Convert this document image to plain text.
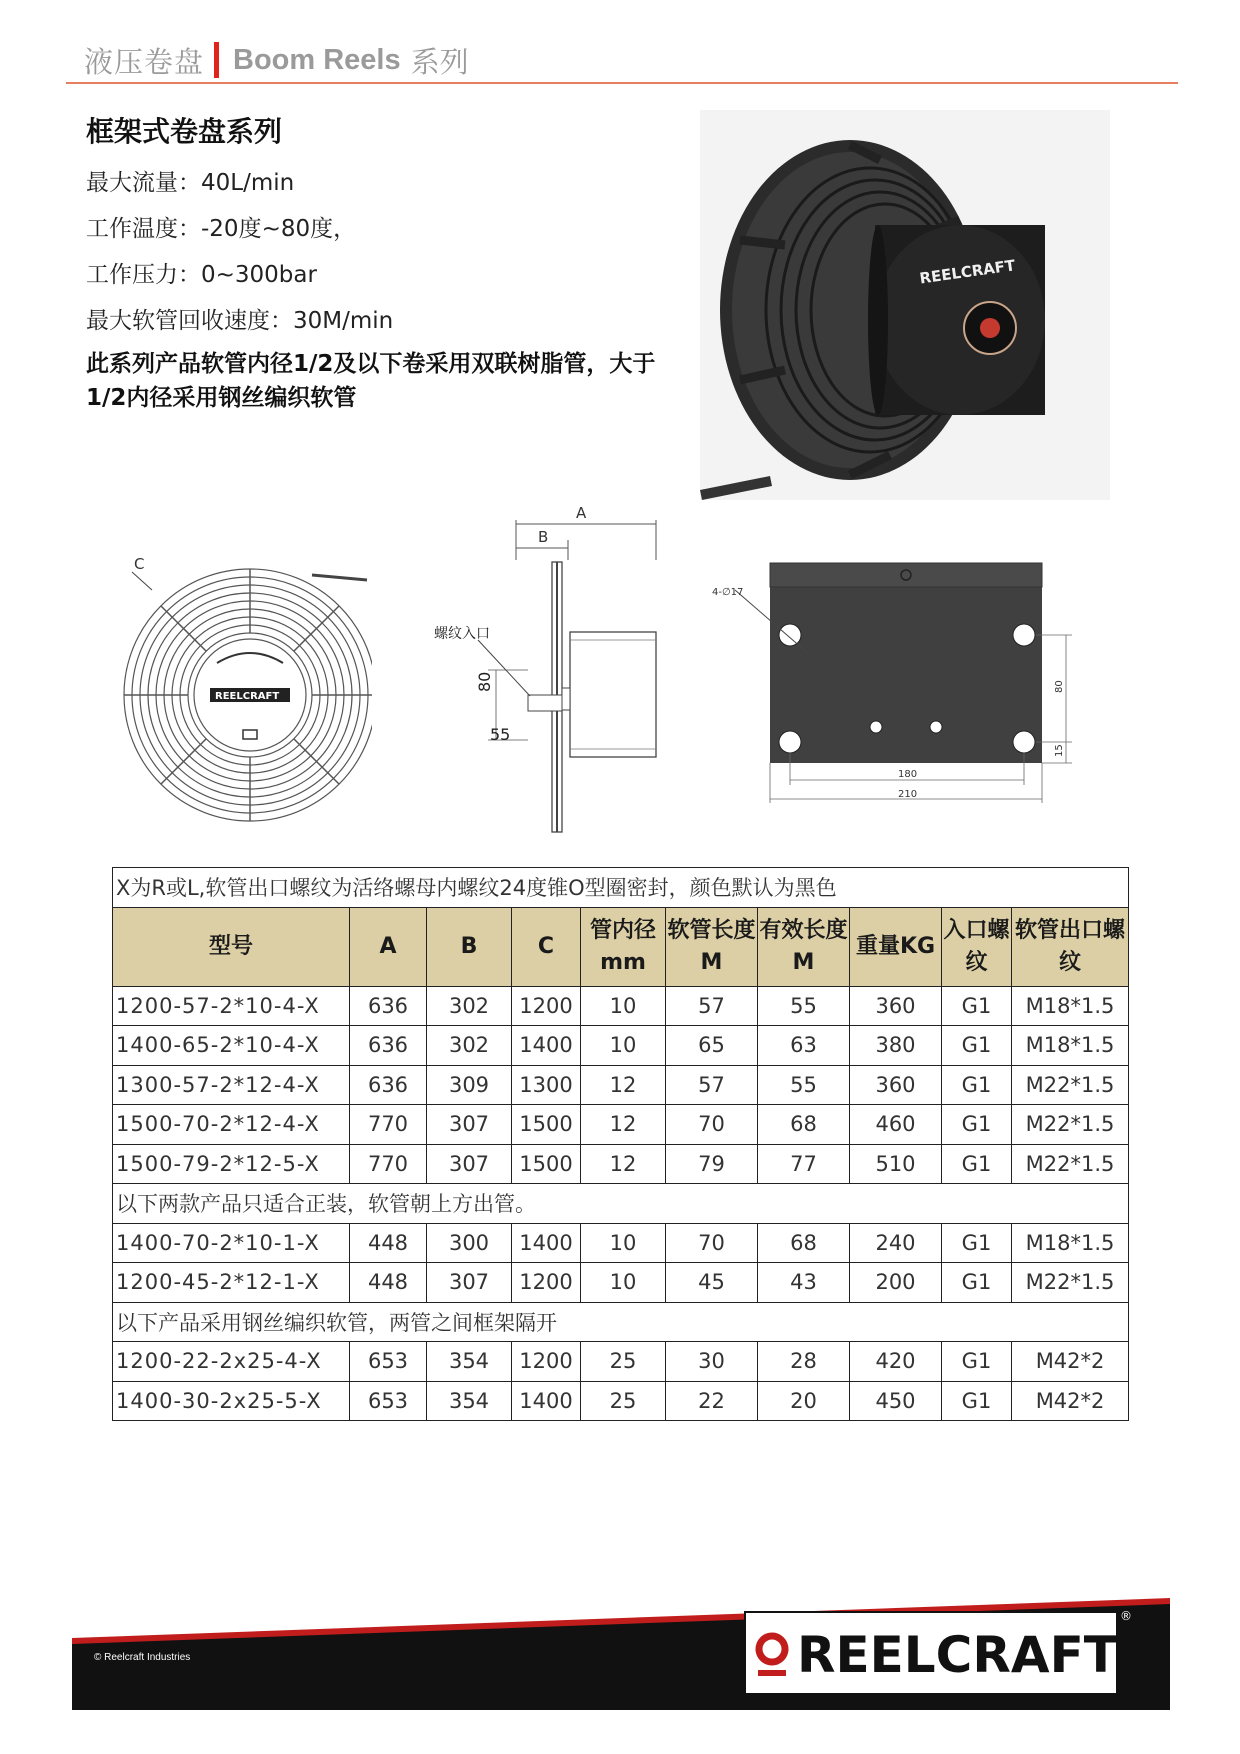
液压卷盘 Boom Reels 系列
框架式卷盘系列
最大流量：40L/min
工作温度：-20度~80度，
工作压力：0~300bar
最大软管回收速度：30M/min
此系列产品软管内径1/2及以下卷采用双联树脂管，大于1/2内径采用钢丝编织软管
REELCRAFT
REELCRAFT
C
A
B
螺纹入口
80
55
4-∅17
180
210
80
15
X为R或L,软管出口螺纹为活络螺母内螺纹24度锥O型圈密封，颜色默认为黑色									
型号	A	B	C	管内径mm	软管长度M	有效长度M	重量KG	入口螺纹	软管出口螺纹
1200-57-2*10-4-X	636	302	1200	10	57	55	360	G1	M18*1.5
1400-65-2*10-4-X	636	302	1400	10	65	63	380	G1	M18*1.5
1300-57-2*12-4-X	636	309	1300	12	57	55	360	G1	M22*1.5
1500-70-2*12-4-X	770	307	1500	12	70	68	460	G1	M22*1.5
1500-79-2*12-5-X	770	307	1500	12	79	77	510	G1	M22*1.5
以下两款产品只适合正装，软管朝上方出管。									
1400-70-2*10-1-X	448	300	1400	10	70	68	240	G1	M18*1.5
1200-45-2*12-1-X	448	307	1200	10	45	43	200	G1	M22*1.5
以下产品采用钢丝编织软管，两管之间框架隔开									
1200-22-2x25-4-X	653	354	1200	25	30	28	420	G1	M42*2
1400-30-2x25-5-X	653	354	1400	25	22	20	450	G1	M42*2
REELCRAFT
®
© Reelcraft Industries
